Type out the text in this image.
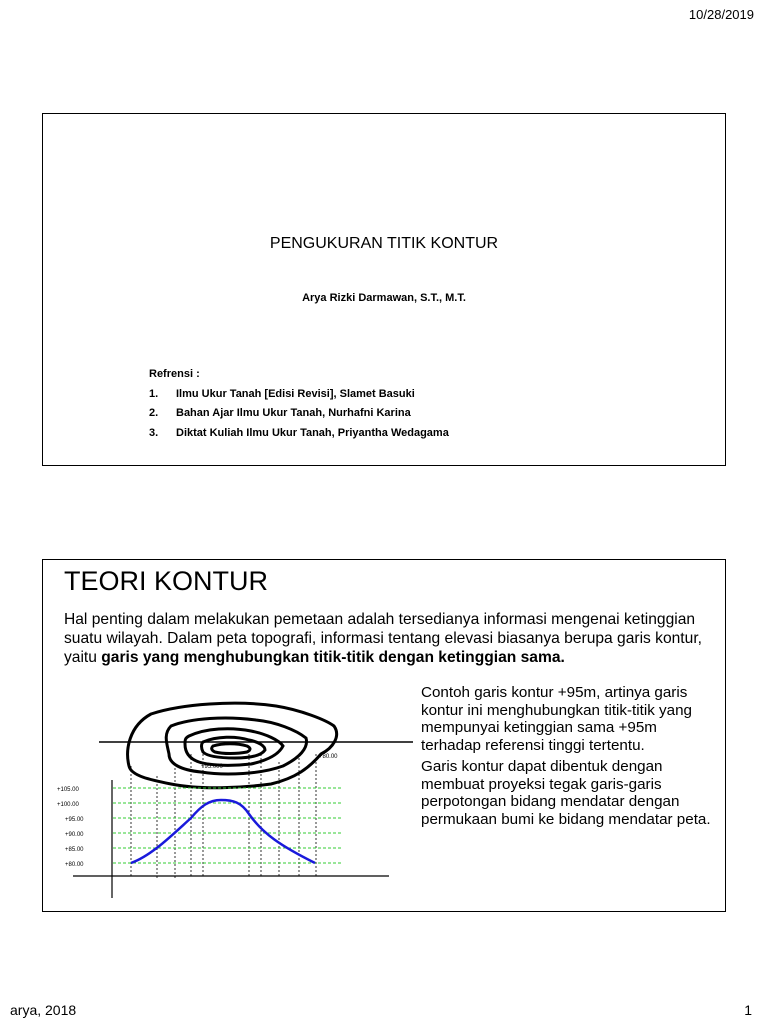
10/28/2019
PENGUKURAN TITIK KONTUR
Arya Rizki Darmawan, S.T., M.T.
Refrensi :
1.	Ilmu Ukur Tanah [Edisi Revisi], Slamet Basuki
2.	Bahan Ajar Ilmu Ukur Tanah, Nurhafni Karina
3.	Diktat Kuliah Ilmu Ukur Tanah, Priyantha Wedagama
TEORI KONTUR
Hal penting dalam melakukan pemetaan adalah tersedianya informasi mengenai ketinggian suatu wilayah. Dalam peta topografi, informasi tentang elevasi biasanya berupa garis kontur, yaitu garis yang menghubungkan titik-titik dengan ketinggian sama.

Contoh garis kontur +95m, artinya garis kontur ini menghubungkan titik-titik yang mempunyai ketinggian sama +95m terhadap referensi tinggi tertentu.

Garis kontur dapat dibentuk dengan membuat proyeksi tegak garis-garis perpotongan bidang mendatar dengan permukaan bumi ke bidang mendatar peta.

+95.000
+80.00
+105.00
+100.00
+95.00
+90.00
+85.00
+80.00
arya, 2018	1
